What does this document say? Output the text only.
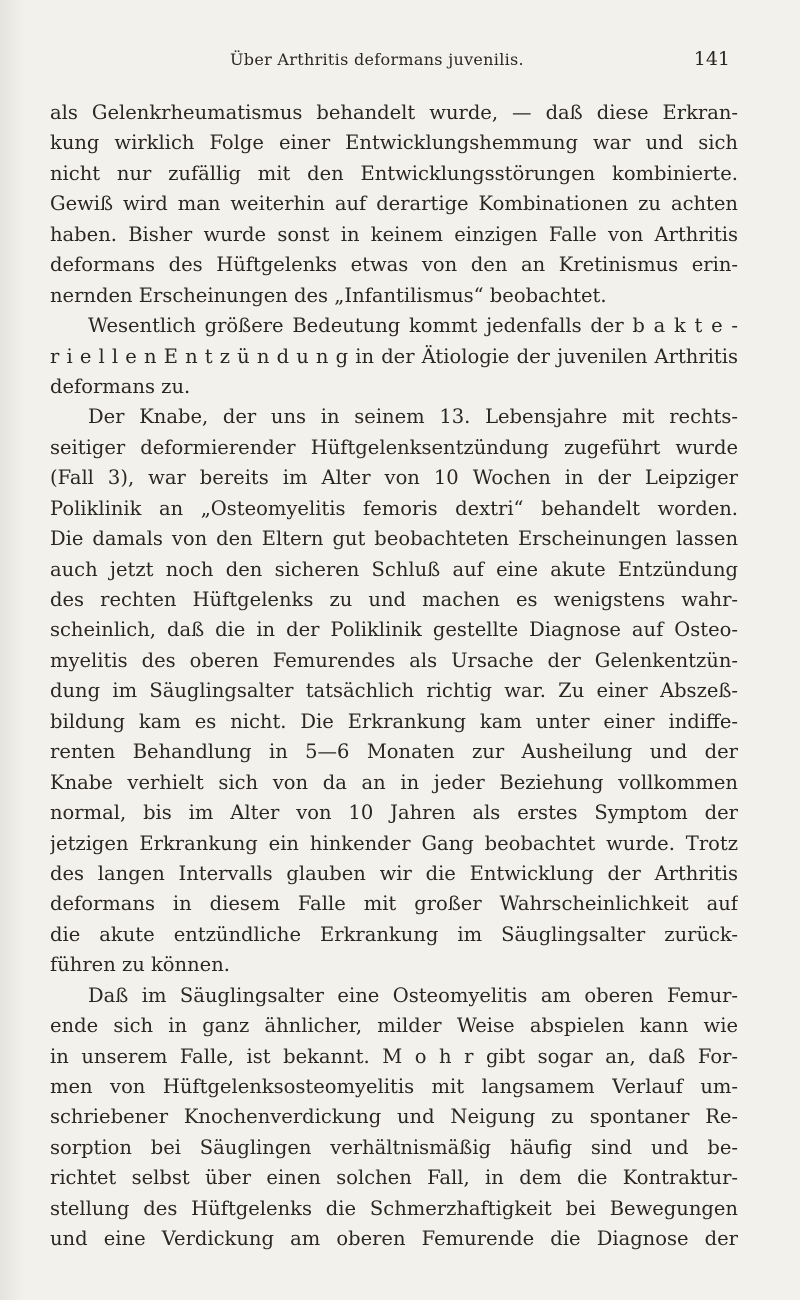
Über Arthritis deformans juvenilis.	141
als Gelenkrheumatismus behandelt wurde, — daß diese Erkran-
kung wirklich Folge einer Entwicklungshemmung war und sich
nicht nur zufällig mit den Entwicklungsstörungen kombinierte.
Gewiß wird man weiterhin auf derartige Kombinationen zu achten
haben. Bisher wurde sonst in keinem einzigen Falle von Arthritis
deformans des Hüftgelenks etwas von den an Kretinismus erin-
nernden Erscheinungen des „Infantilismus“ beobachtet.
Wesentlich größere Bedeutung kommt jedenfalls der b a k t e -
r i e l l e n E n t z ü n d u n g in der Ätiologie der juvenilen Arthritis
deformans zu.
Der Knabe, der uns in seinem 13. Lebensjahre mit rechts-
seitiger deformierender Hüftgelenksentzündung zugeführt wurde
(Fall 3), war bereits im Alter von 10 Wochen in der Leipziger
Poliklinik an „Osteomyelitis femoris dextri“ behandelt worden.
Die damals von den Eltern gut beobachteten Erscheinungen lassen
auch jetzt noch den sicheren Schluß auf eine akute Entzündung
des rechten Hüftgelenks zu und machen es wenigstens wahr-
scheinlich, daß die in der Poliklinik gestellte Diagnose auf Osteo-
myelitis des oberen Femurendes als Ursache der Gelenkentzün-
dung im Säuglingsalter tatsächlich richtig war. Zu einer Abszeß-
bildung kam es nicht. Die Erkrankung kam unter einer indiffe-
renten Behandlung in 5—6 Monaten zur Ausheilung und der
Knabe verhielt sich von da an in jeder Beziehung vollkommen
normal, bis im Alter von 10 Jahren als erstes Symptom der
jetzigen Erkrankung ein hinkender Gang beobachtet wurde. Trotz
des langen Intervalls glauben wir die Entwicklung der Arthritis
deformans in diesem Falle mit großer Wahrscheinlichkeit auf
die akute entzündliche Erkrankung im Säuglingsalter zurück-
führen zu können.
Daß im Säuglingsalter eine Osteomyelitis am oberen Femur-
ende sich in ganz ähnlicher, milder Weise abspielen kann wie
in unserem Falle, ist bekannt. M o h r gibt sogar an, daß For-
men von Hüftgelenksosteomyelitis mit langsamem Verlauf um-
schriebener Knochenverdickung und Neigung zu spontaner Re-
sorption bei Säuglingen verhältnismäßig häufig sind und be-
richtet selbst über einen solchen Fall, in dem die Kontraktur-
stellung des Hüftgelenks die Schmerzhaftigkeit bei Bewegungen
und eine Verdickung am oberen Femurende die Diagnose der
